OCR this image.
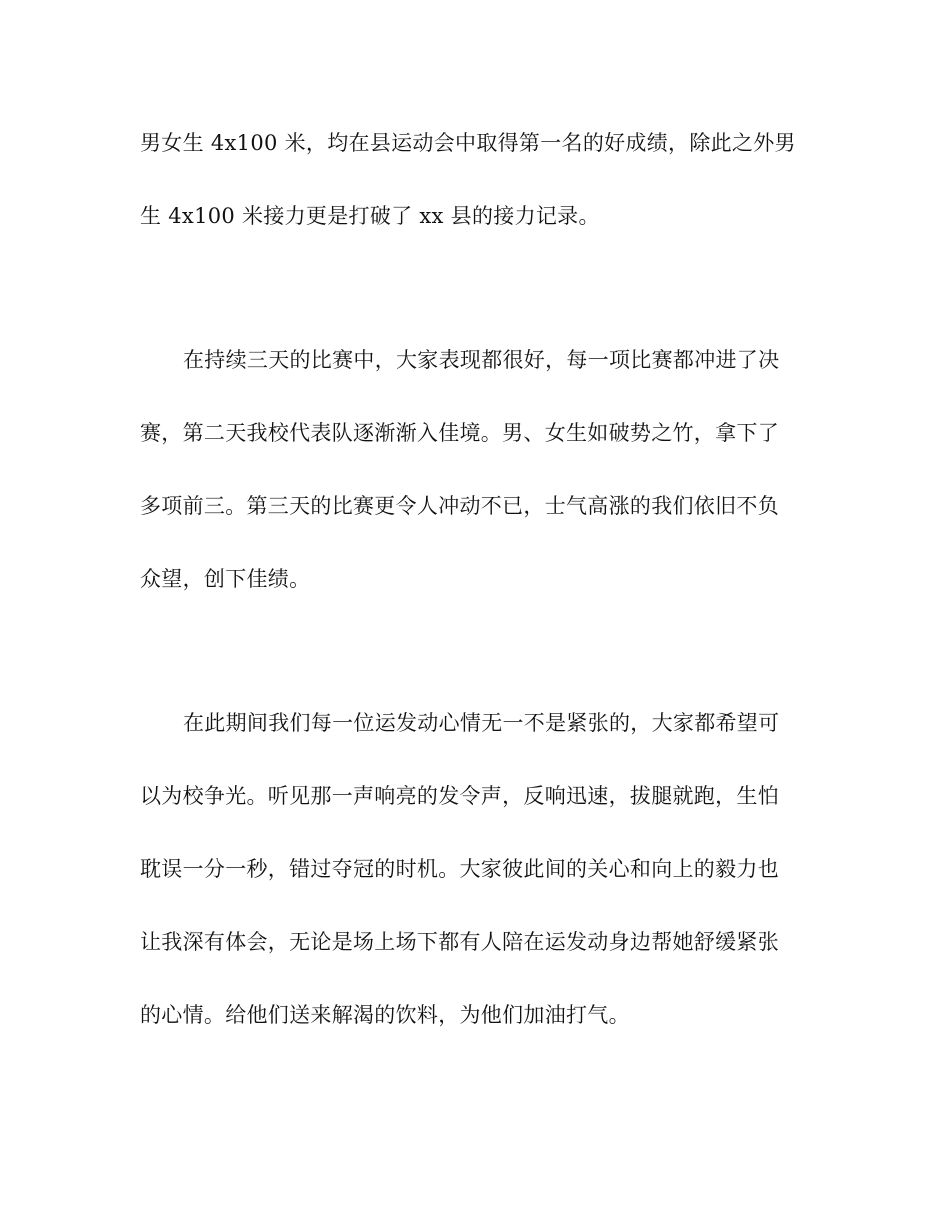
男女生 4x100 米，均在县运动会中取得第一名的好成绩，除此之外男
生 4x100 米接力更是打破了 xx 县的接力记录。
在持续三天的比赛中，大家表现都很好，每一项比赛都冲进了决
赛，第二天我校代表队逐渐渐入佳境。男、女生如破势之竹，拿下了
多项前三。第三天的比赛更令人冲动不已，士气高涨的我们依旧不负
众望，创下佳绩。
在此期间我们每一位运发动心情无一不是紧张的，大家都希望可
以为校争光。听见那一声响亮的发令声，反响迅速，拔腿就跑，生怕
耽误一分一秒，错过夺冠的时机。大家彼此间的关心和向上的毅力也
让我深有体会，无论是场上场下都有人陪在运发动身边帮她舒缓紧张
的心情。给他们送来解渴的饮料，为他们加油打气。
